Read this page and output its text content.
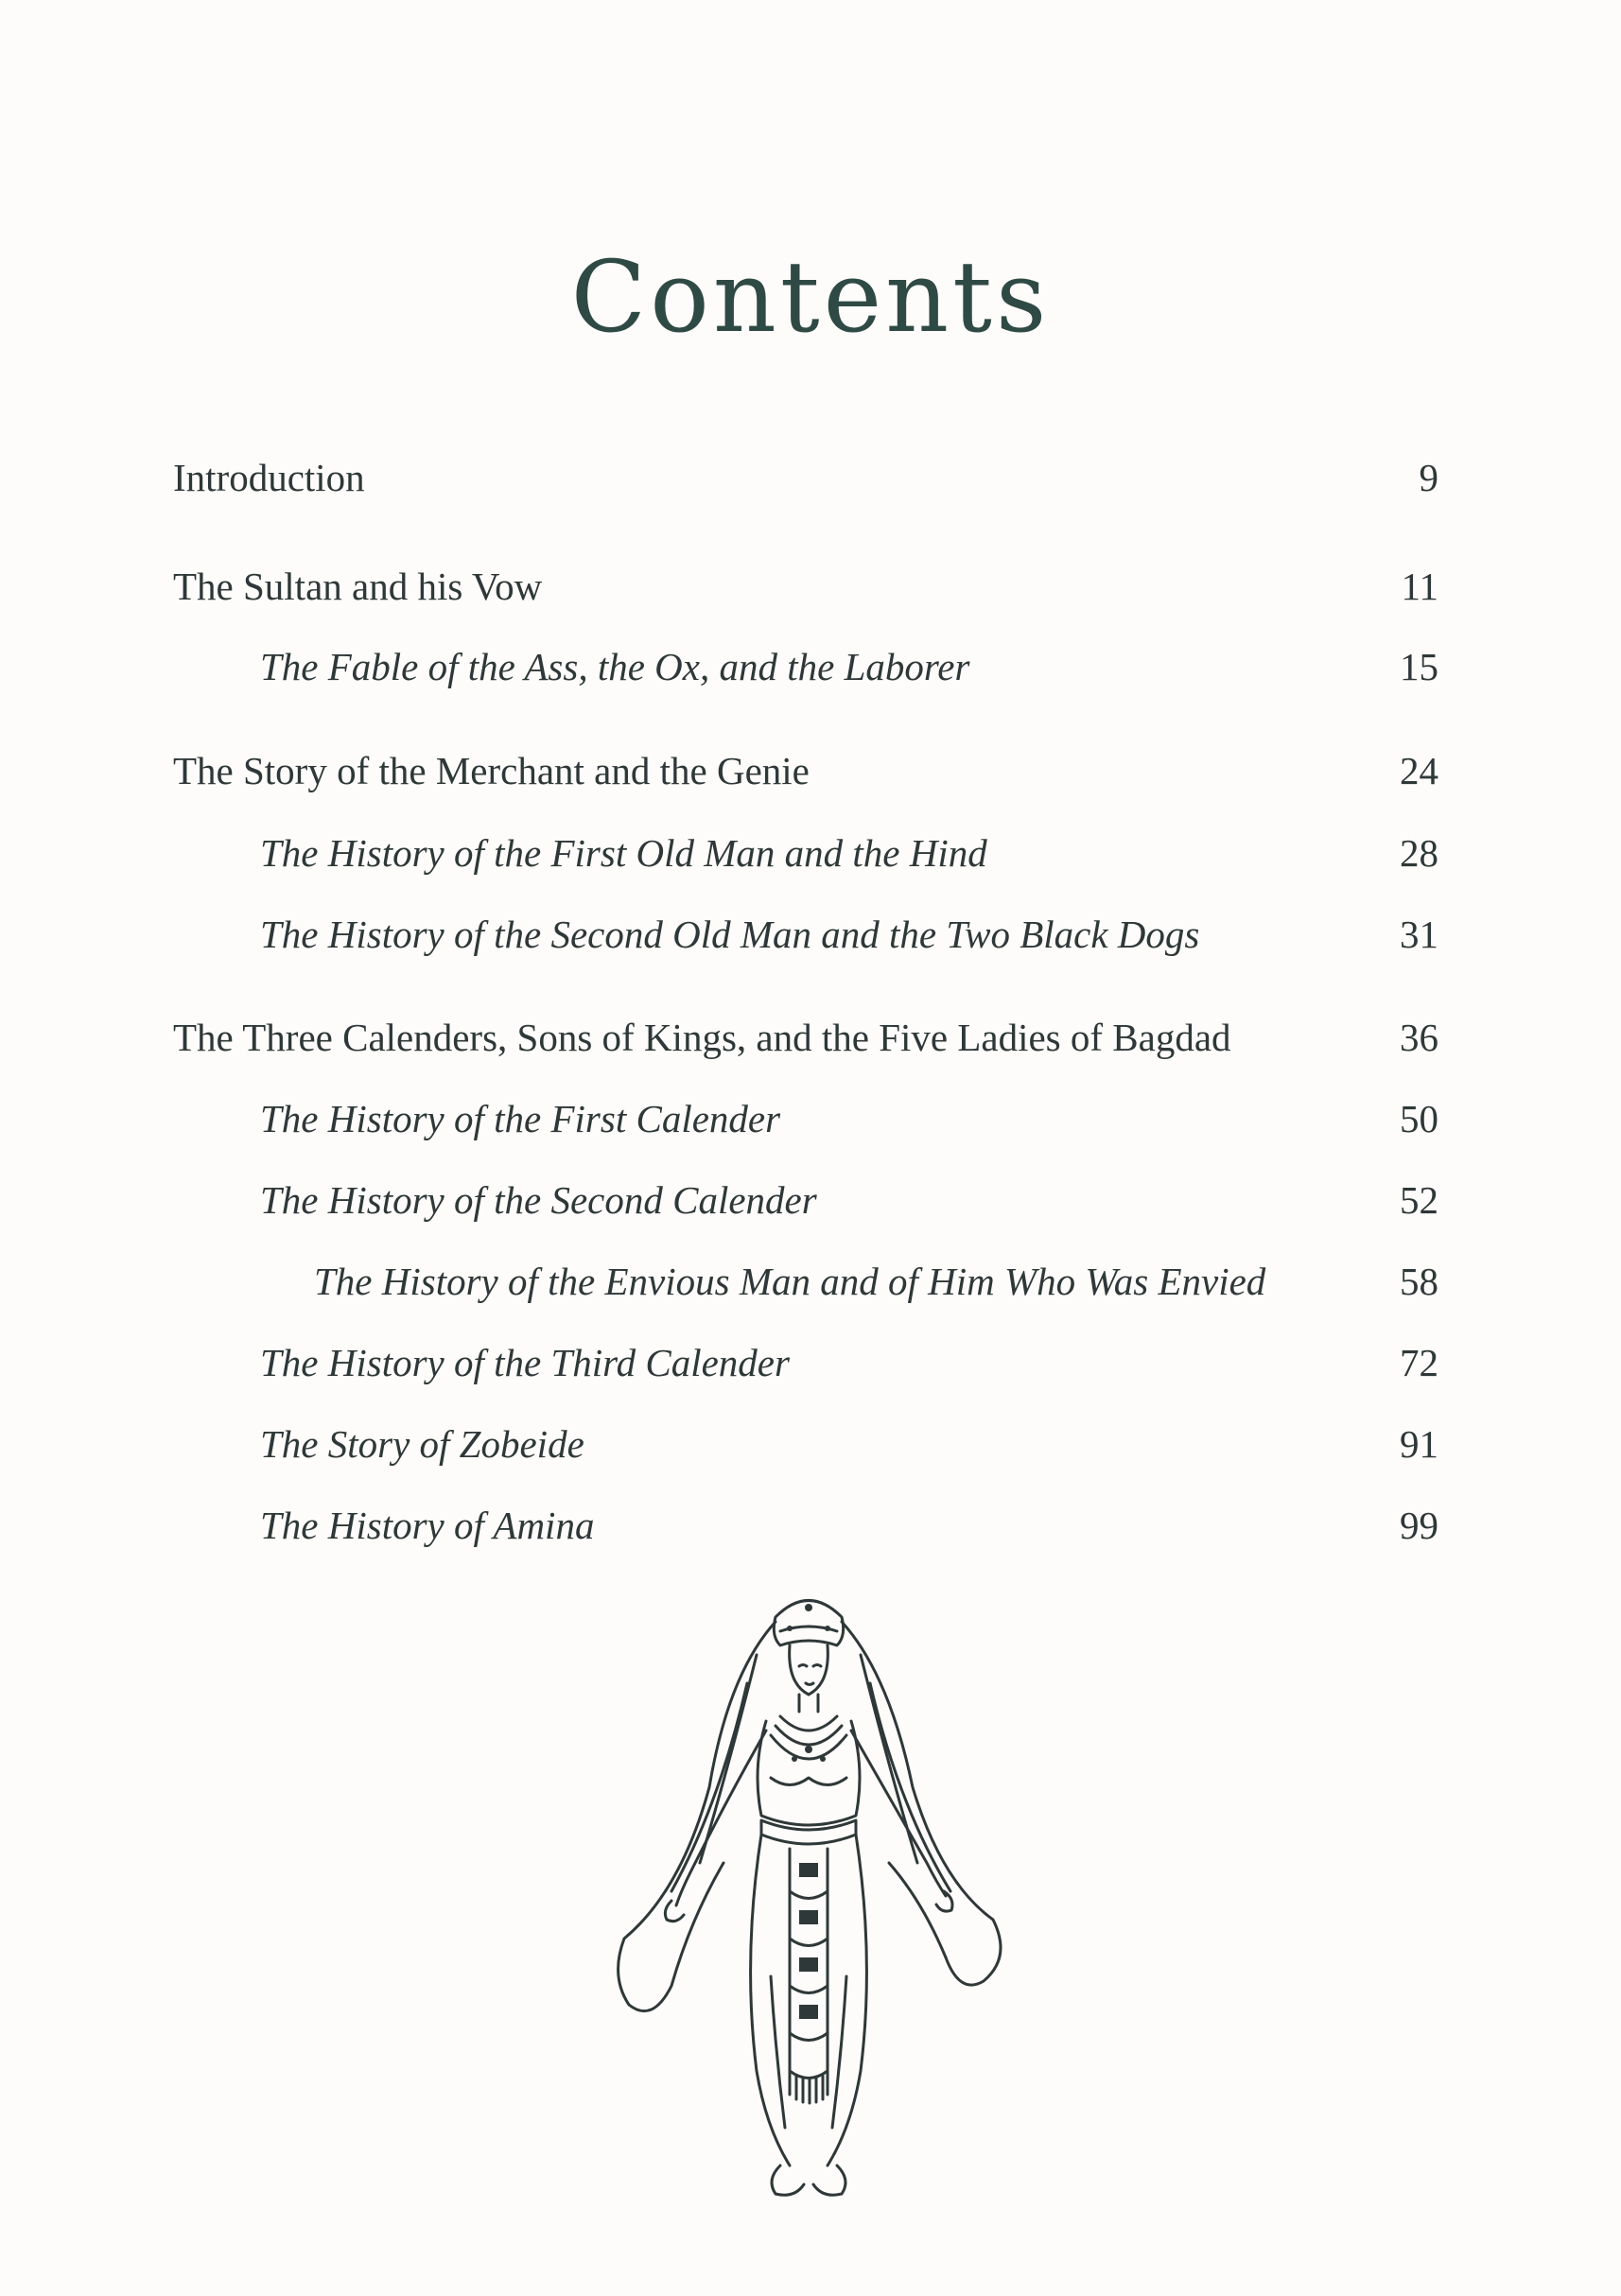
Contents
Introduction	9
The Sultan and his Vow	11
The Fable of the Ass, the Ox, and the Laborer	15
The Story of the Merchant and the Genie	24
The History of the First Old Man and the Hind	28
The History of the Second Old Man and the Two Black Dogs	31
The Three Calenders, Sons of Kings, and the Five Ladies of Bagdad	36
The History of the First Calender	50
The History of the Second Calender	52
The History of the Envious Man and of Him Who Was Envied	58
The History of the Third Calender	72
The Story of Zobeide	91
The History of Amina	99
